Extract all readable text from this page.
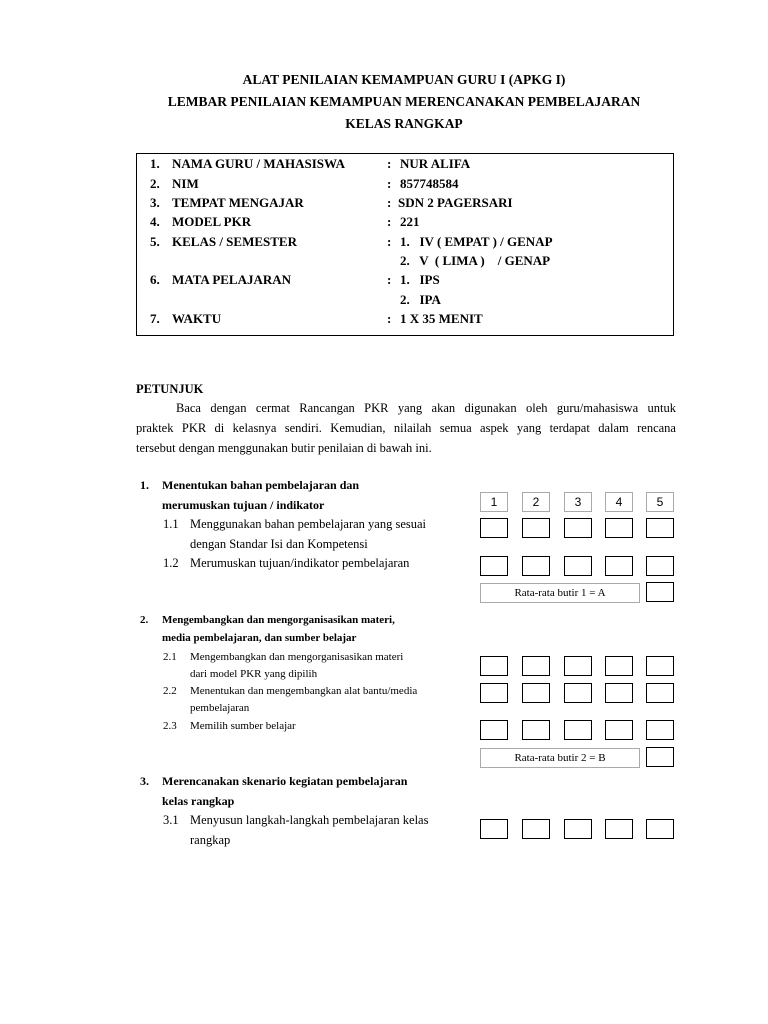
ALAT PENILAIAN KEMAMPUAN GURU I (APKG I)
LEMBAR PENILAIAN KEMAMPUAN MERENCANAKAN PEMBELAJARAN
KELAS RANGKAP
1. NAMA GURU / MAHASISWA	: NUR ALIFA
2. NIM	: 857748584
3. TEMPAT MENGAJAR	: SDN 2 PAGERSARI
4. MODEL PKR	: 221
5. KELAS / SEMESTER	: 1.   IV ( EMPAT ) / GENAP
2.   V  ( LIMA )    / GENAP
6. MATA PELAJARAN	: 1.   IPS
2.   IPA
7. WAKTU	: 1 X 35 MENIT
PETUNJUK
Baca dengan cermat Rancangan PKR yang akan digunakan oleh guru/mahasiswa untuk
praktek PKR di kelasnya sendiri. Kemudian, nilailah semua aspek yang terdapat dalam rencana
tersebut dengan menggunakan butir penilaian di bawah ini.
1	2	3	4	5
1. Menentukan bahan pembelajaran dan
merumuskan tujuan / indikator
1.1 Menggunakan bahan pembelajaran yang sesuai
dengan Standar Isi dan Kompetensi
1.2 Merumuskan tujuan/indikator pembelajaran
Rata-rata butir 1 = A
2. Mengembangkan dan mengorganisasikan materi,
media pembelajaran, dan sumber belajar
2.1 Mengembangkan dan mengorganisasikan materi
dari model PKR yang dipilih
2.2 Menentukan dan mengembangkan alat bantu/media
pembelajaran
2.3 Memilih sumber belajar
Rata-rata butir 2 = B
3. Merencanakan skenario kegiatan pembelajaran
kelas rangkap
3.1 Menyusun langkah-langkah pembelajaran kelas
rangkap
